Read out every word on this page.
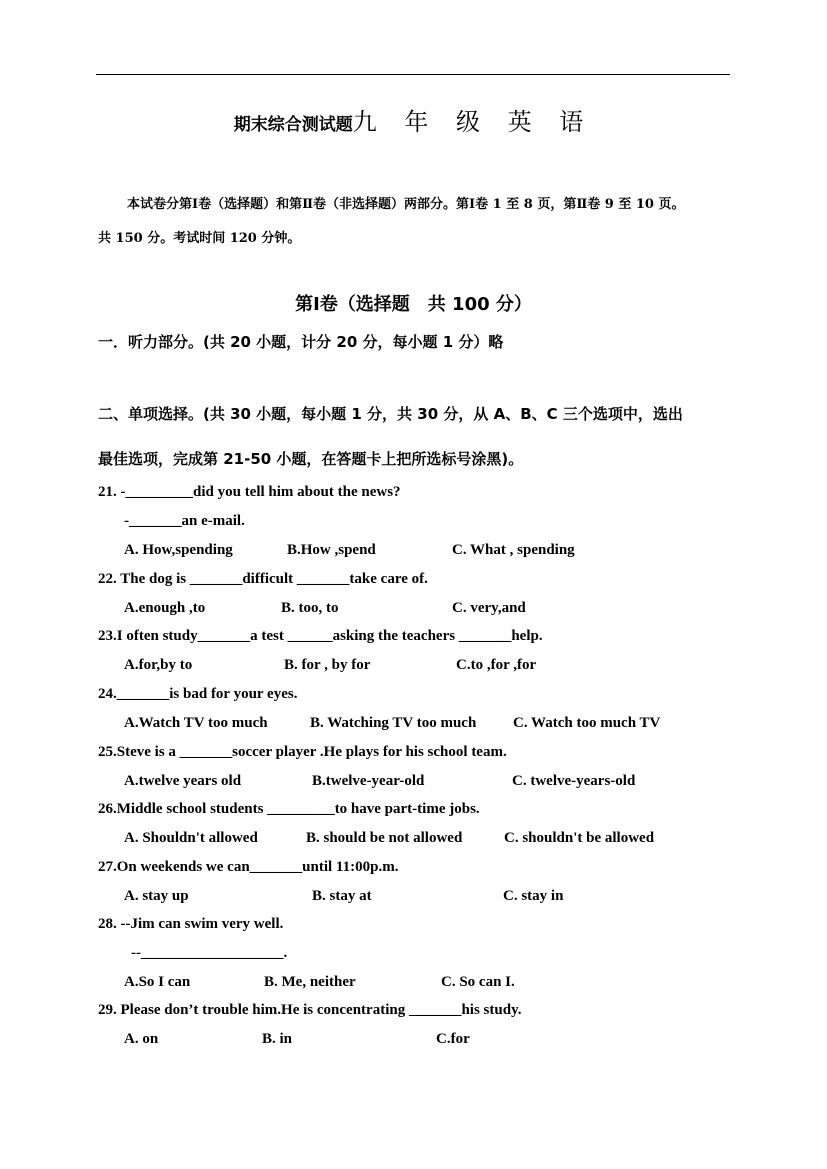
期末综合测试题九 年 级 英 语
本试卷分第Ⅰ卷（选择题）和第Ⅱ卷（非选择题）两部分。第Ⅰ卷 1 至 8 页，第Ⅱ卷 9 至 10 页。
共 150 分。考试时间 120 分钟。
第Ⅰ卷（选择题　共 100 分）
一．听力部分。(共 20 小题，计分 20 分，每小题 1 分）略
二、单项选择。(共 30 小题，每小题 1 分，共 30 分，从 A、B、C 三个选项中，选出
最佳选项，完成第 21-50 小题，在答题卡上把所选标号涂黑)。
21. -_________did you tell him about the news?
-_______an e-mail.
A. How,spending	B.How ,spend	C. What , spending
22. The dog is _______difficult _______take care of.
A.enough ,to	B. too, to	C. very,and
23.I often study_______a test ______asking the teachers _______help.
A.for,by to	B. for , by for	C.to ,for ,for
24._______is bad for your eyes.
A.Watch TV too much	B. Watching TV too much C. Watch too much TV
25.Steve is a _______soccer player .He plays for his school team.
A.twelve years old	B.twelve-year-old	C. twelve-years-old
26.Middle school students _________to have part-time jobs.
A. Shouldn't allowed	B. should be not allowed	C. shouldn't be allowed
27.On weekends we can_______until 11:00p.m.
A. stay up	B. stay at	C. stay in
28. --Jim can swim very well.
--___________________.
A.So I can	B. Me, neither	C. So can I.
29. Please don’t trouble him.He is concentrating _______his study.
A. on	B. in	C.for
